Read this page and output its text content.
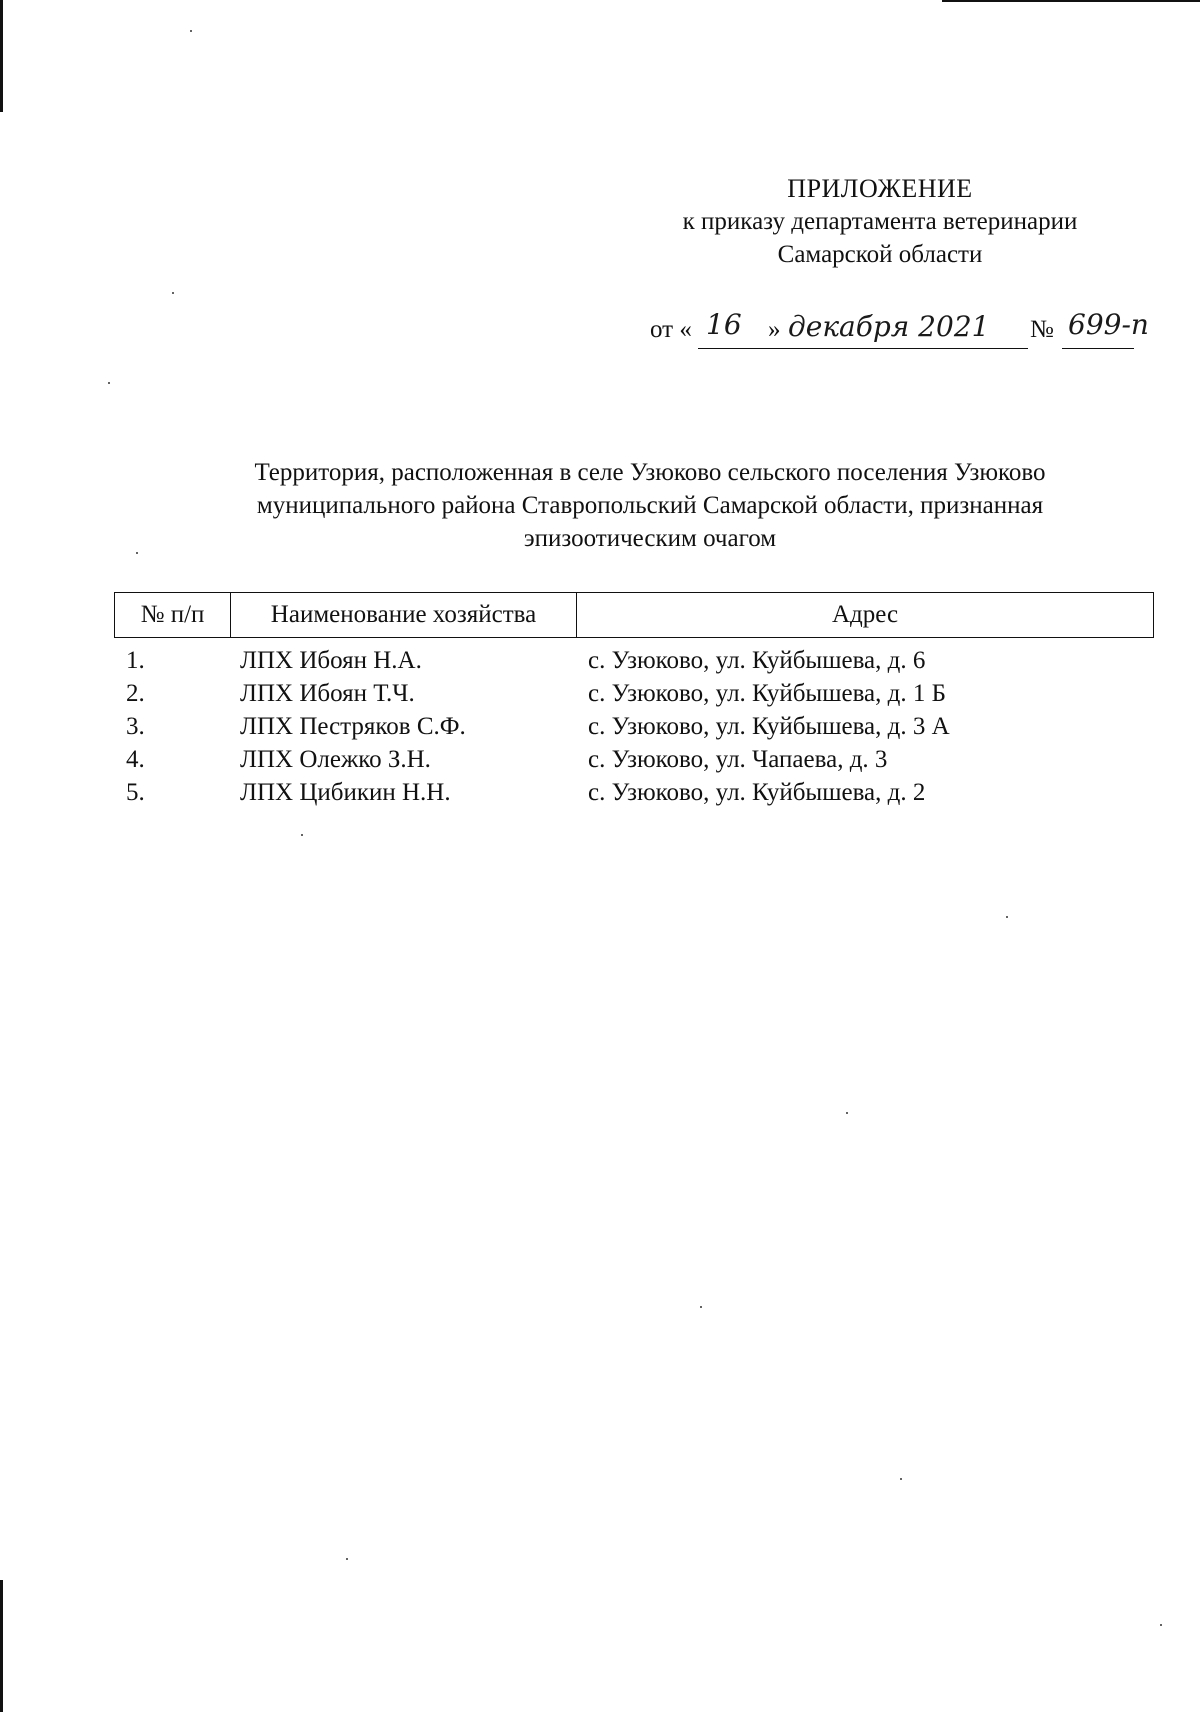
ПРИЛОЖЕНИЕ
к приказу департамента ветеринарии
Самарской области
от « 16 » декабря 2021 № 699-п
Территория, расположенная в селе Узюково сельского поселения Узюково
муниципального района Ставропольский Самарской области, признанная
эпизоотическим очагом
№ п/п	Наименование хозяйства	Адрес
1.	ЛПХ Ибоян Н.А.	с. Узюково, ул. Куйбышева, д. 6
2.	ЛПХ Ибоян Т.Ч.	с. Узюково, ул. Куйбышева, д. 1 Б
3.	ЛПХ Пестряков С.Ф.	с. Узюково, ул. Куйбышева, д. 3 А
4.	ЛПХ Олежко З.Н.	с. Узюково, ул. Чапаева, д. 3
5.	ЛПХ Цибикин Н.Н.	с. Узюково, ул. Куйбышева, д. 2
